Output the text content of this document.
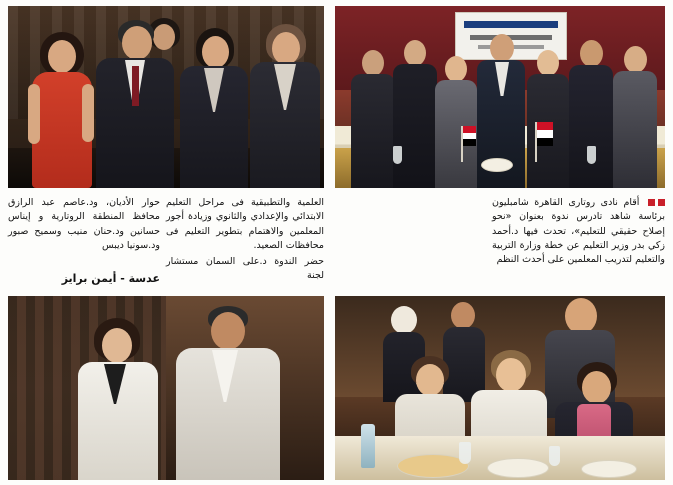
حوار الأديان، ود.عاصم عبد الرازق محافظ المنطقة الروتارية و إيناس حسانين ود.حنان منيب وسميح صبور ود.سونيا ديبس

العلمية والتطبيقية فى مراحل التعليم الابتدائي والإعدادي والثانوي وزيادة أجور المعلمين والاهتمام بتطوير التعليم فى محافظات الصعيد.

حضر الندوة د.على السمان مستشار لجنة

أقام نادى روتارى القاهرة شامبليون برئاسة شاهد تادرس ندوة بعنوان «نحو إصلاح حقيقي للتعليم»، تحدث فيها د.أحمد زكي بدر وزير التعليم عن خطة وزارة التربية والتعليم لتدريب المعلمين على أحدث النظم

عدسة - أيمن برايز
